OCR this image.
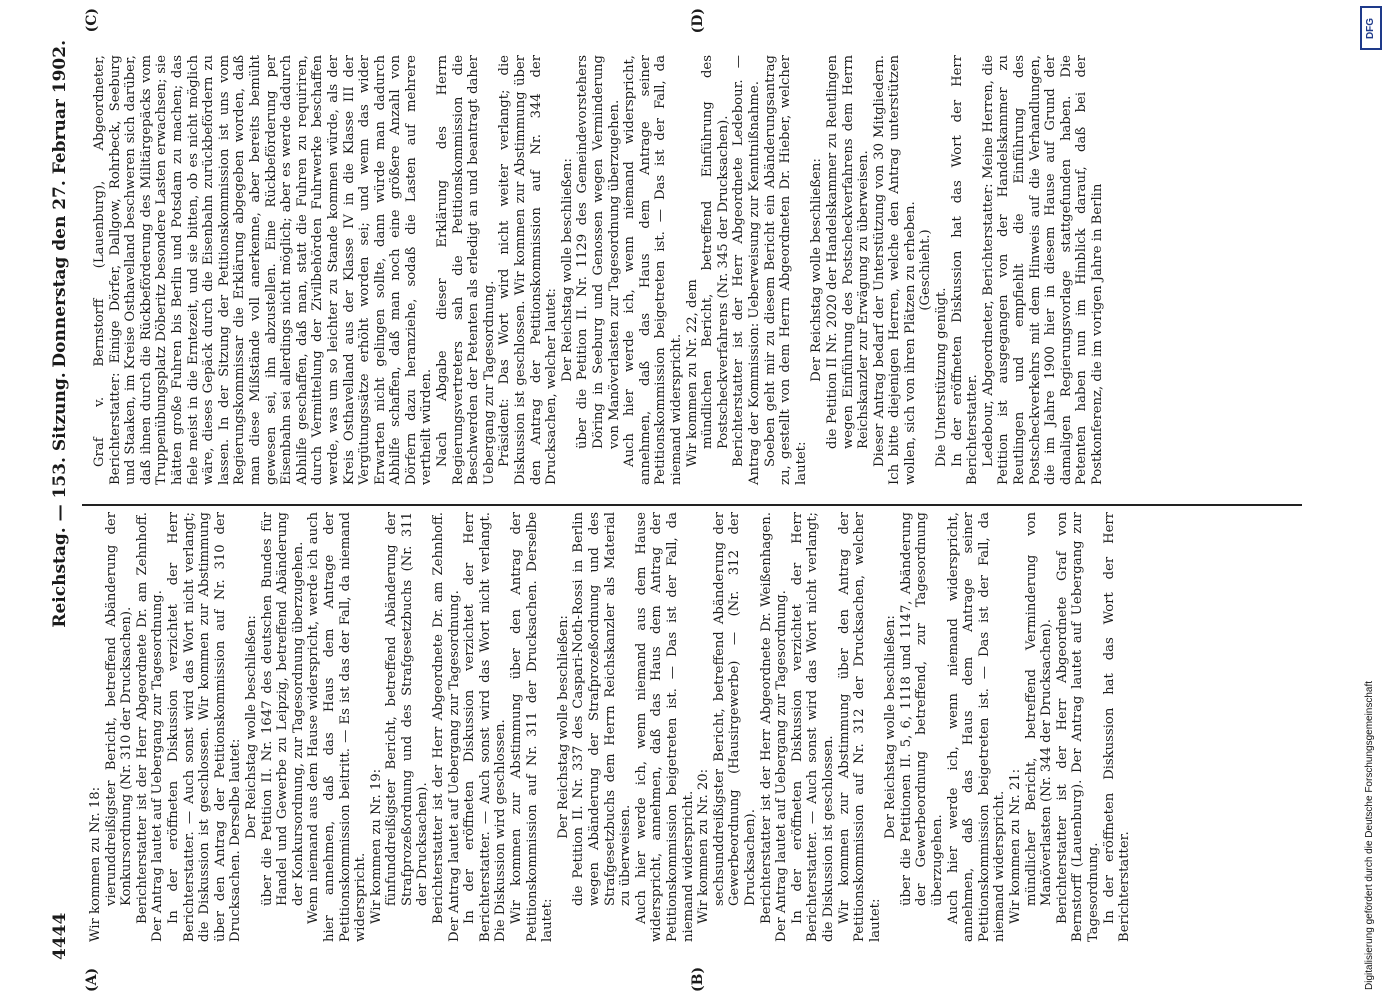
4444
Reichstag. — 153. Sitzung.
Donnerstag den 27. Februar 1902.
(A)	(B)
(C)	(D)

Wir kommen zu Nr. 18: vierunddreißigster Bericht, betreffend Abänderung der Konkursordnung (Nr. 310 der Drucksachen). Berichterstatter ist der Herr Abgeordnete Dr. am Zehnhoff. Der Antrag lautet auf Uebergang zur Tagesordnung. In der eröffneten Diskussion verzichtet der Herr Berichterstatter. — Auch sonst wird das Wort nicht verlangt; die Diskussion ist geschlossen. Wir kommen zur Abstimmung über den Antrag der Petitionskommission auf Nr. 310 der Drucksachen. Derselbe lautet:

Der Reichstag wolle beschließen: über die Petition II. Nr. 1647 des deutschen Bundes für Handel und Gewerbe zu Leipzig, betreffend Abänderung der Konkursordnung, zur Tagesordnung überzugehen. Wenn niemand aus dem Hause widerspricht, werde ich auch hier annehmen, daß das Haus dem Antrage der Petitionskommission beitritt. — Es ist das der Fall, da niemand widerspricht. Wir kommen zu Nr. 19: fünfunddreißigster Bericht, betreffend Abänderung der Strafprozeßordnung und des Strafgesetzbuchs (Nr. 311 der Drucksachen). Berichterstatter ist der Herr Abgeordnete Dr. am Zehnhoff. Der Antrag lautet auf Uebergang zur Tagesordnung. In der eröffneten Diskussion verzichtet der Herr Berichterstatter. — Auch sonst wird das Wort nicht verlangt. Die Diskussion wird geschlossen. Wir kommen zur Abstimmung über den Antrag der Petitionskommission auf Nr. 311 der Drucksachen. Derselbe lautet:

Der Reichstag wolle beschließen: die Petition II. Nr. 337 des Caspari-Noth-Rossi in Berlin wegen Abänderung der Strafprozeßordnung und des Strafgesetzbuchs dem Herrn Reichskanzler als Material zu überweisen. Auch hier werde ich, wenn niemand aus dem Hause widerspricht, annehmen, daß das Haus dem Antrag der Petitionskommission beigetreten ist. — Das ist der Fall, da niemand widerspricht. Wir kommen zu Nr. 20: sechsunddreißigster Bericht, betreffend Abänderung der Gewerbeordnung (Hausirgewerbe) — (Nr. 312 der Drucksachen). Berichterstatter ist der Herr Abgeordnete Dr. Weißenhagen. Der Antrag lautet auf Uebergang zur Tagesordnung. In der eröffneten Diskussion verzichtet der Herr Berichterstatter. — Auch sonst wird das Wort nicht verlangt; die Diskussion ist geschlossen. Wir kommen zur Abstimmung über den Antrag der Petitionskommission auf Nr. 312 der Drucksachen, welcher lautet:

Der Reichstag wolle beschließen: über die Petitionen II. 5, 6, 1118 und 1147, Abänderung der Gewerbeordnung betreffend, zur Tagesordnung überzugehen. Auch hier werde ich, wenn niemand widerspricht, annehmen, daß das Haus dem Antrage seiner Petitionskommission beigetreten ist. — Das ist der Fall, da niemand widerspricht. Wir kommen zu Nr. 21: mündlicher Bericht, betreffend Verminderung von Manöverlasten (Nr. 344 der Drucksachen). Berichterstatter ist der Herr Abgeordnete Graf von Bernstorff (Lauenburg). Der Antrag lautet auf Uebergang zur Tagesordnung. In der eröffneten Diskussion hat das Wort der Herr Berichterstatter.

Graf v. Bernstorff (Lauenburg), Abgeordneter, Berichterstatter: Einige Dörfer, Dallgow, Rohrbeck, Seeburg und Staaken, im Kreise Osthavelland beschweren sich darüber, daß ihnen durch die Rückbeförderung des Militärgepäcks vom Truppenübungsplatz Döberitz besondere Lasten erwachsen; sie hätten große Fuhren bis Berlin und Potsdam zu machen; das fiele meist in die Erntezeit, und sie bitten, ob es nicht möglich wäre, dieses Gepäck durch die Eisenbahn zurückbefördern zu lassen. In der Sitzung der Petitionskommission ist uns vom Regierungskommissar die Erklärung abgegeben worden, daß man diese Mißstände voll anerkenne, aber bereits bemüht gewesen sei, ihn abzustellen. Eine Rückbeförderung per Eisenbahn sei allerdings nicht möglich; aber es werde dadurch Abhilfe geschaffen, daß man, statt die Fuhren zu requiriren, durch Vermittelung der Zivilbehörden Fuhrwerke beschaffen werde, was um so leichter zu Stande kommen würde, als der Kreis Osthavelland aus der Klasse IV in die Klasse III der Vergütungssätze erhöht worden sei; und wenn das wider Erwarten nicht gelingen sollte, dann würde man dadurch Abhilfe schaffen, daß man noch eine größere Anzahl von Dörfern dazu heranziehe, sodaß die Lasten auf mehrere vertheilt würden. Nach Abgabe dieser Erklärung des Herrn Regierungsvertreters sah die Petitionskommission die Beschwerden der Petenten als erledigt an und beantragt daher Uebergang zur Tagesordnung. Präsident: Das Wort wird nicht weiter verlangt; die Diskussion ist geschlossen. Wir kommen zur Abstimmung über den Antrag der Petitionskommission auf Nr. 344 der Drucksachen, welcher lautet:

Der Reichstag wolle beschließen: über die Petition II. Nr. 1129 des Gemeindevorstehers Döring in Seeburg und Genossen wegen Verminderung von Manöverlasten zur Tagesordnung überzugehen. Auch hier werde ich, wenn niemand widerspricht, annehmen, daß das Haus dem Antrage seiner Petitionskommission beigetreten ist. — Das ist der Fall, da niemand widerspricht. Wir kommen zu Nr. 22, dem mündlichen Bericht, betreffend Einführung des Postscheckverfahrens (Nr. 345 der Drucksachen). Berichterstatter ist der Herr Abgeordnete Ledebour. — Antrag der Kommission: Ueberweisung zur Kenntnißnahme. Soeben geht mir zu diesem Bericht ein Abänderungsantrag zu, gestellt von dem Herrn Abgeordneten Dr. Hieber, welcher lautet:

Der Reichstag wolle beschließen: die Petition II Nr. 2020 der Handelskammer zu Reutlingen wegen Einführung des Postscheckverfahrens dem Herrn Reichskanzler zur Erwägung zu überweisen. Dieser Antrag bedarf der Unterstützung von 30 Mitgliedern. Ich bitte diejenigen Herren, welche den Antrag unterstützen wollen, sich von ihren Plätzen zu erheben. (Geschieht.)

Die Unterstützung genügt. In der eröffneten Diskussion hat das Wort der Herr Berichterstatter. Ledebour, Abgeordneter, Berichterstatter: Meine Herren, die Petition ist ausgegangen von der Handelskammer zu Reutlingen und empfiehlt die Einführung des Postscheckverkehrs mit dem Hinweis auf die Verhandlungen, die im Jahre 1900 hier in diesem Hause auf Grund der damaligen Regierungsvorlage stattgefunden haben. Die Petenten haben nun im Hinblick darauf, daß bei der Postkonferenz, die im vorigen Jahre in Berlin

DFG
Digitalisierung gefördert durch die Deutsche Forschungsgemeinschaft
